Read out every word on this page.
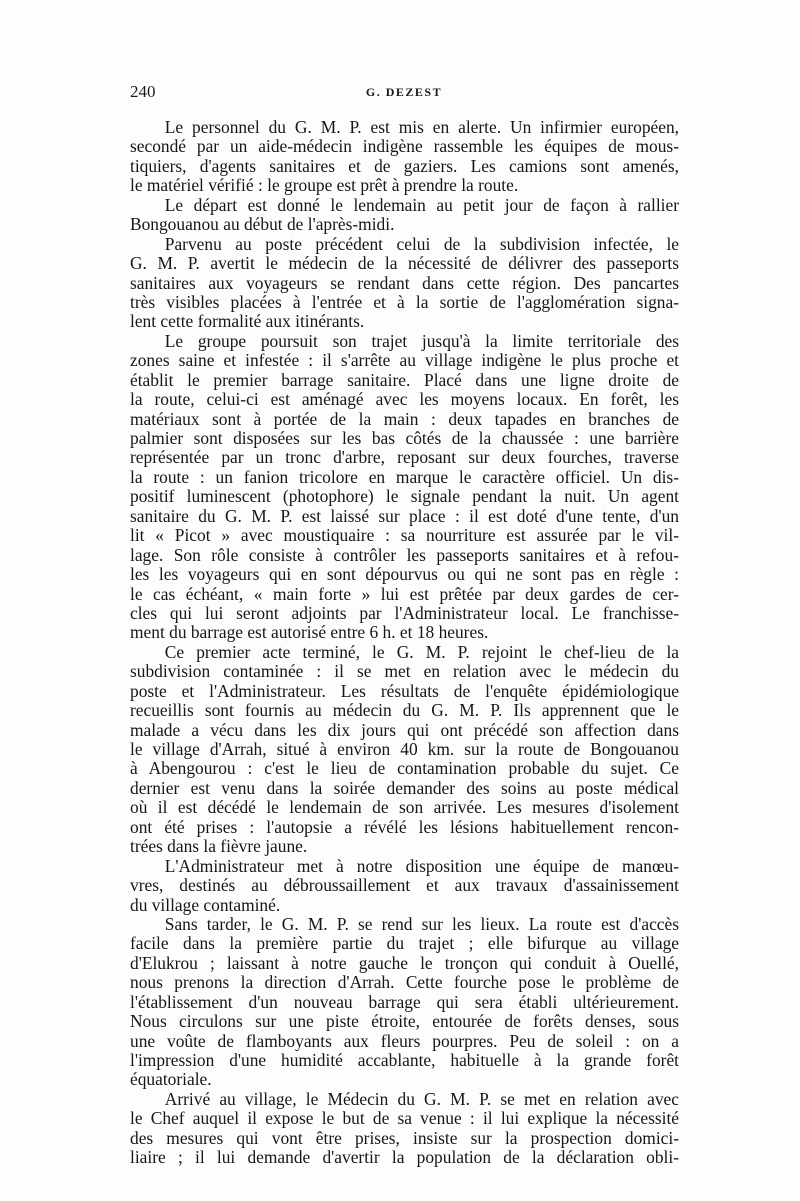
240	G. DEZEST
  Le personnel du G. M. P. est mis en alerte. Un infirmier européen,
secondé par un aide-médecin indigène rassemble les équipes de mous-
tiquiers, d'agents sanitaires et de gaziers. Les camions sont amenés,
le matériel vérifié : le groupe est prêt à prendre la route.
  Le départ est donné le lendemain au petit jour de façon à rallier
Bongouanou au début de l'après-midi.
  Parvenu au poste précédent celui de la subdivision infectée, le
G. M. P. avertit le médecin de la nécessité de délivrer des passeports
sanitaires aux voyageurs se rendant dans cette région. Des pancartes
très visibles placées à l'entrée et à la sortie de l'agglomération signa-
lent cette formalité aux itinérants.
  Le groupe poursuit son trajet jusqu'à la limite territoriale des
zones saine et infestée : il s'arrête au village indigène le plus proche et
établit le premier barrage sanitaire. Placé dans une ligne droite de
la route, celui-ci est aménagé avec les moyens locaux. En forêt, les
matériaux sont à portée de la main : deux tapades en branches de
palmier sont disposées sur les bas côtés de la chaussée : une barrière
représentée par un tronc d'arbre, reposant sur deux fourches, traverse
la route : un fanion tricolore en marque le caractère officiel. Un dis-
positif luminescent (photophore) le signale pendant la nuit. Un agent
sanitaire du G. M. P. est laissé sur place : il est doté d'une tente, d'un
lit « Picot » avec moustiquaire : sa nourriture est assurée par le vil-
lage. Son rôle consiste à contrôler les passeports sanitaires et à refou-
les les voyageurs qui en sont dépourvus ou qui ne sont pas en règle :
le cas échéant, « main forte » lui est prêtée par deux gardes de cer-
cles qui lui seront adjoints par l'Administrateur local. Le franchisse-
ment du barrage est autorisé entre 6 h. et 18 heures.
  Ce premier acte terminé, le G. M. P. rejoint le chef-lieu de la
subdivision contaminée : il se met en relation avec le médecin du
poste et l'Administrateur. Les résultats de l'enquête épidémiologique
recueillis sont fournis au médecin du G. M. P. Ils apprennent que le
malade a vécu dans les dix jours qui ont précédé son affection dans
le village d'Arrah, situé à environ 40 km. sur la route de Bongouanou
à Abengourou : c'est le lieu de contamination probable du sujet. Ce
dernier est venu dans la soirée demander des soins au poste médical
où il est décédé le lendemain de son arrivée. Les mesures d'isolement
ont été prises : l'autopsie a révélé les lésions habituellement rencon-
trées dans la fièvre jaune.
  L'Administrateur met à notre disposition une équipe de manœu-
vres, destinés au débroussaillement et aux travaux d'assainissement
du village contaminé.
  Sans tarder, le G. M. P. se rend sur les lieux. La route est d'accès
facile dans la première partie du trajet ; elle bifurque au village
d'Elukrou ; laissant à notre gauche le tronçon qui conduit à Ouellé,
nous prenons la direction d'Arrah. Cette fourche pose le problème de
l'établissement d'un nouveau barrage qui sera établi ultérieurement.
Nous circulons sur une piste étroite, entourée de forêts denses, sous
une voûte de flamboyants aux fleurs pourpres. Peu de soleil : on a
l'impression d'une humidité accablante, habituelle à la grande forêt
équatoriale.
  Arrivé au village, le Médecin du G. M. P. se met en relation avec
le Chef auquel il expose le but de sa venue : il lui explique la nécessité
des mesures qui vont être prises, insiste sur la prospection domici-
liaire ; il lui demande d'avertir la population de la déclaration obli-
